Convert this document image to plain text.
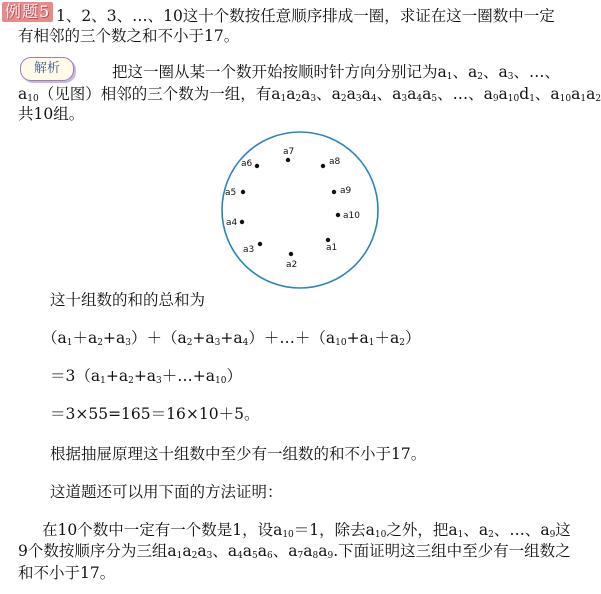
例题5 1、2、3、…、10这十个数按任意顺序排成一圈，求证在这一圈数中一定
有相邻的三个数之和不小于17。
解析	把这一圈从某一个数开始按顺时针方向分别记为$a_1$、$a_2$、$a_3$、…、
$a_{10}$（见图）相邻的三个数为一组，有$a_1a_2a_3$、$a_2a_3a_4$、$a_3a_4a_5$、…、$a_9a_{10}d_1$、$a_{10}a_1a_2$
共10组。
a7
a8
a9
a10
a1
a2
a3
a4
a5
a6
这十组数的和的总和为
$(a_1+a_2+a_3)+(a_2+a_3+a_4)+\dots+(a_{10}+a_1+a_2)$
$=3(a_1+a_2+a_3+\dots+a_{10})$
＝3×55=165＝16×10＋5。
根据抽屉原理这十组数中至少有一组数的和不小于17。
这道题还可以用下面的方法证明：
在10个数中一定有一个数是1，设$a_{10}=1$，除去$a_{10}$之外，把$a_1$、$a_2$、…、$a_9$这
9个数按顺序分为三组$a_1a_2a_3$、$a_4a_5a_6$、$a_7a_8a_9$.下面证明这三组中至少有一组数之
和不小于17。
